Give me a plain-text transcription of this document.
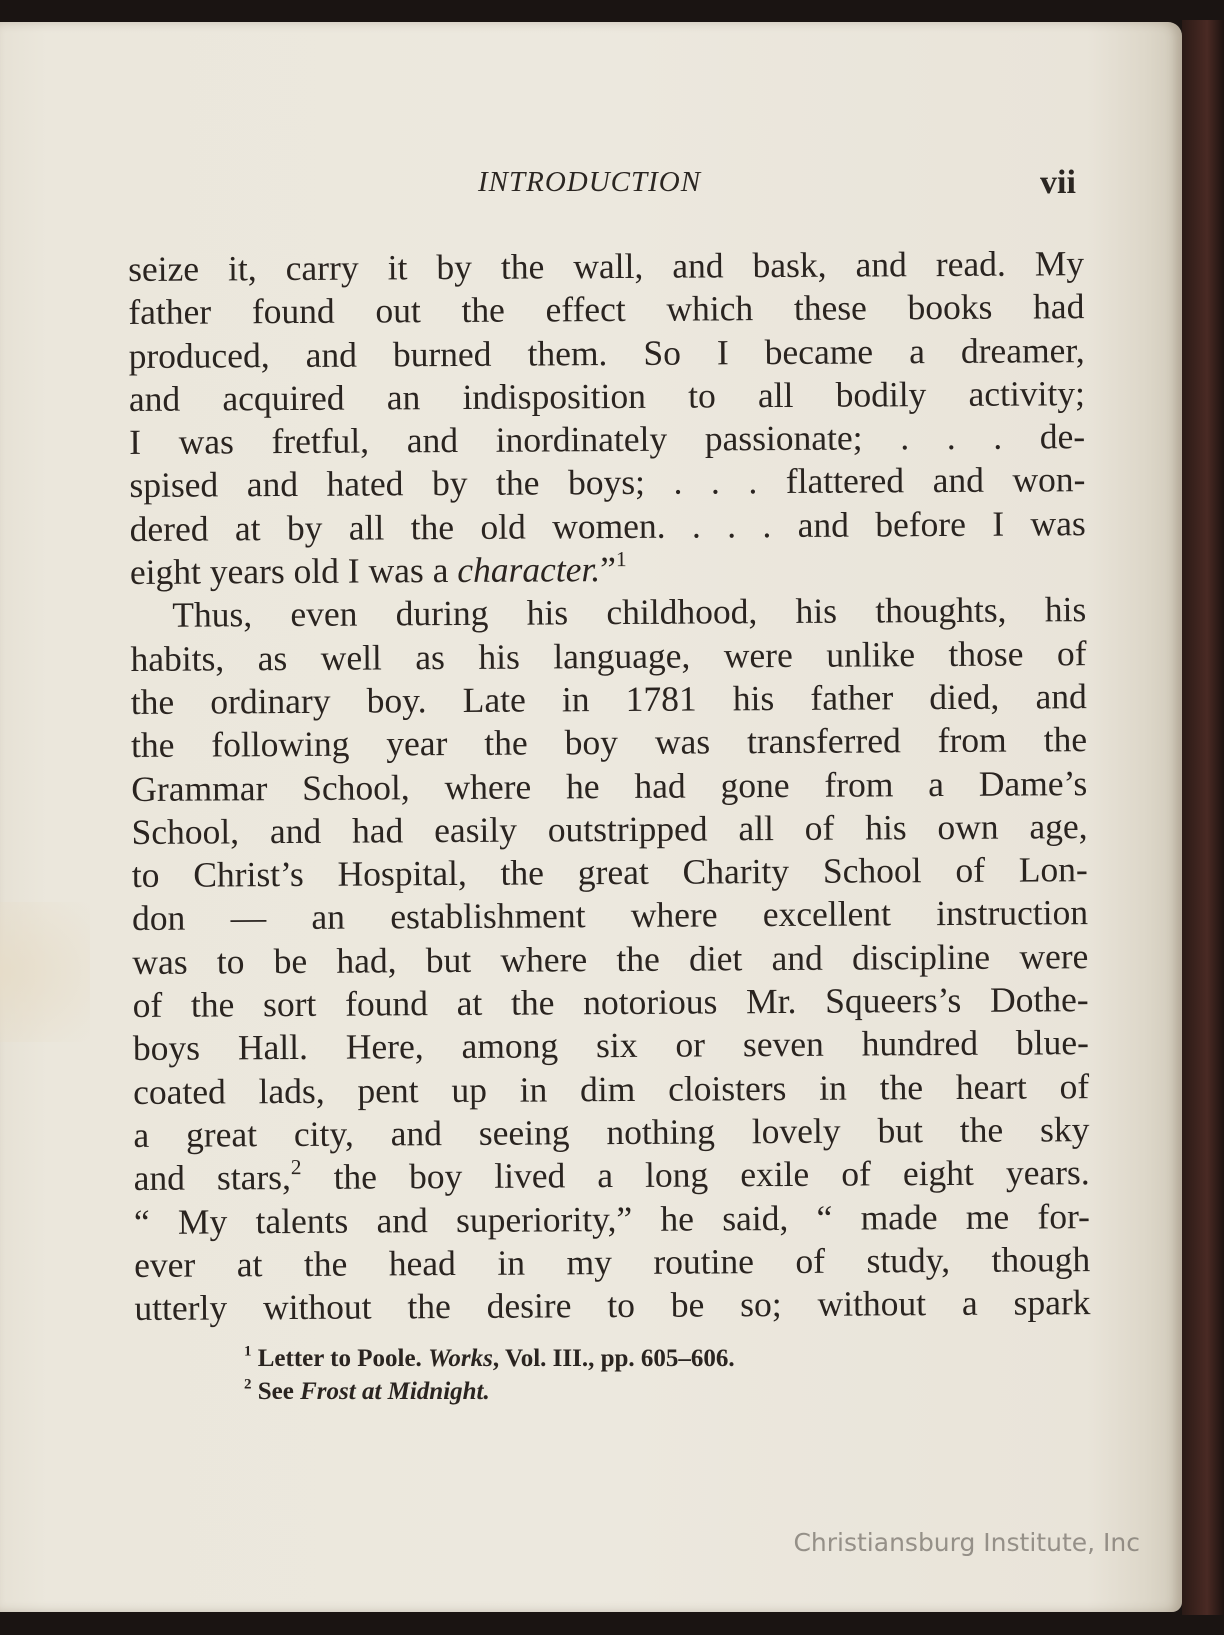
INTRODUCTION	vii
seize it, carry it by the wall, and bask, and read. My
father found out the effect which these books had
produced, and burned them. So I became a dreamer,
and acquired an indisposition to all bodily activity;
I was fretful, and inordinately passionate; . . . de-
spised and hated by the boys; . . . flattered and won-
dered at by all the old women. . . . and before I was
eight years old I was a character.”$^1$
Thus, even during his childhood, his thoughts, his
habits, as well as his language, were unlike those of
the ordinary boy. Late in 1781 his father died, and
the following year the boy was transferred from the
Grammar School, where he had gone from a Dame’s
School, and had easily outstripped all of his own age,
to Christ’s Hospital, the great Charity School of Lon-
don — an establishment where excellent instruction
was to be had, but where the diet and discipline were
of the sort found at the notorious Mr. Squeers’s Dothe-
boys Hall. Here, among six or seven hundred blue-
coated lads, pent up in dim cloisters in the heart of
a great city, and seeing nothing lovely but the sky
and stars,$^2$ the boy lived a long exile of eight years.
“ My talents and superiority,” he said, “ made me for-
ever at the head in my routine of study, though
utterly without the desire to be so; without a spark
$^1$ Letter to Poole. Works, Vol. III., pp. 605–606.
$^2$ See Frost at Midnight.
Christiansburg Institute, Inc
